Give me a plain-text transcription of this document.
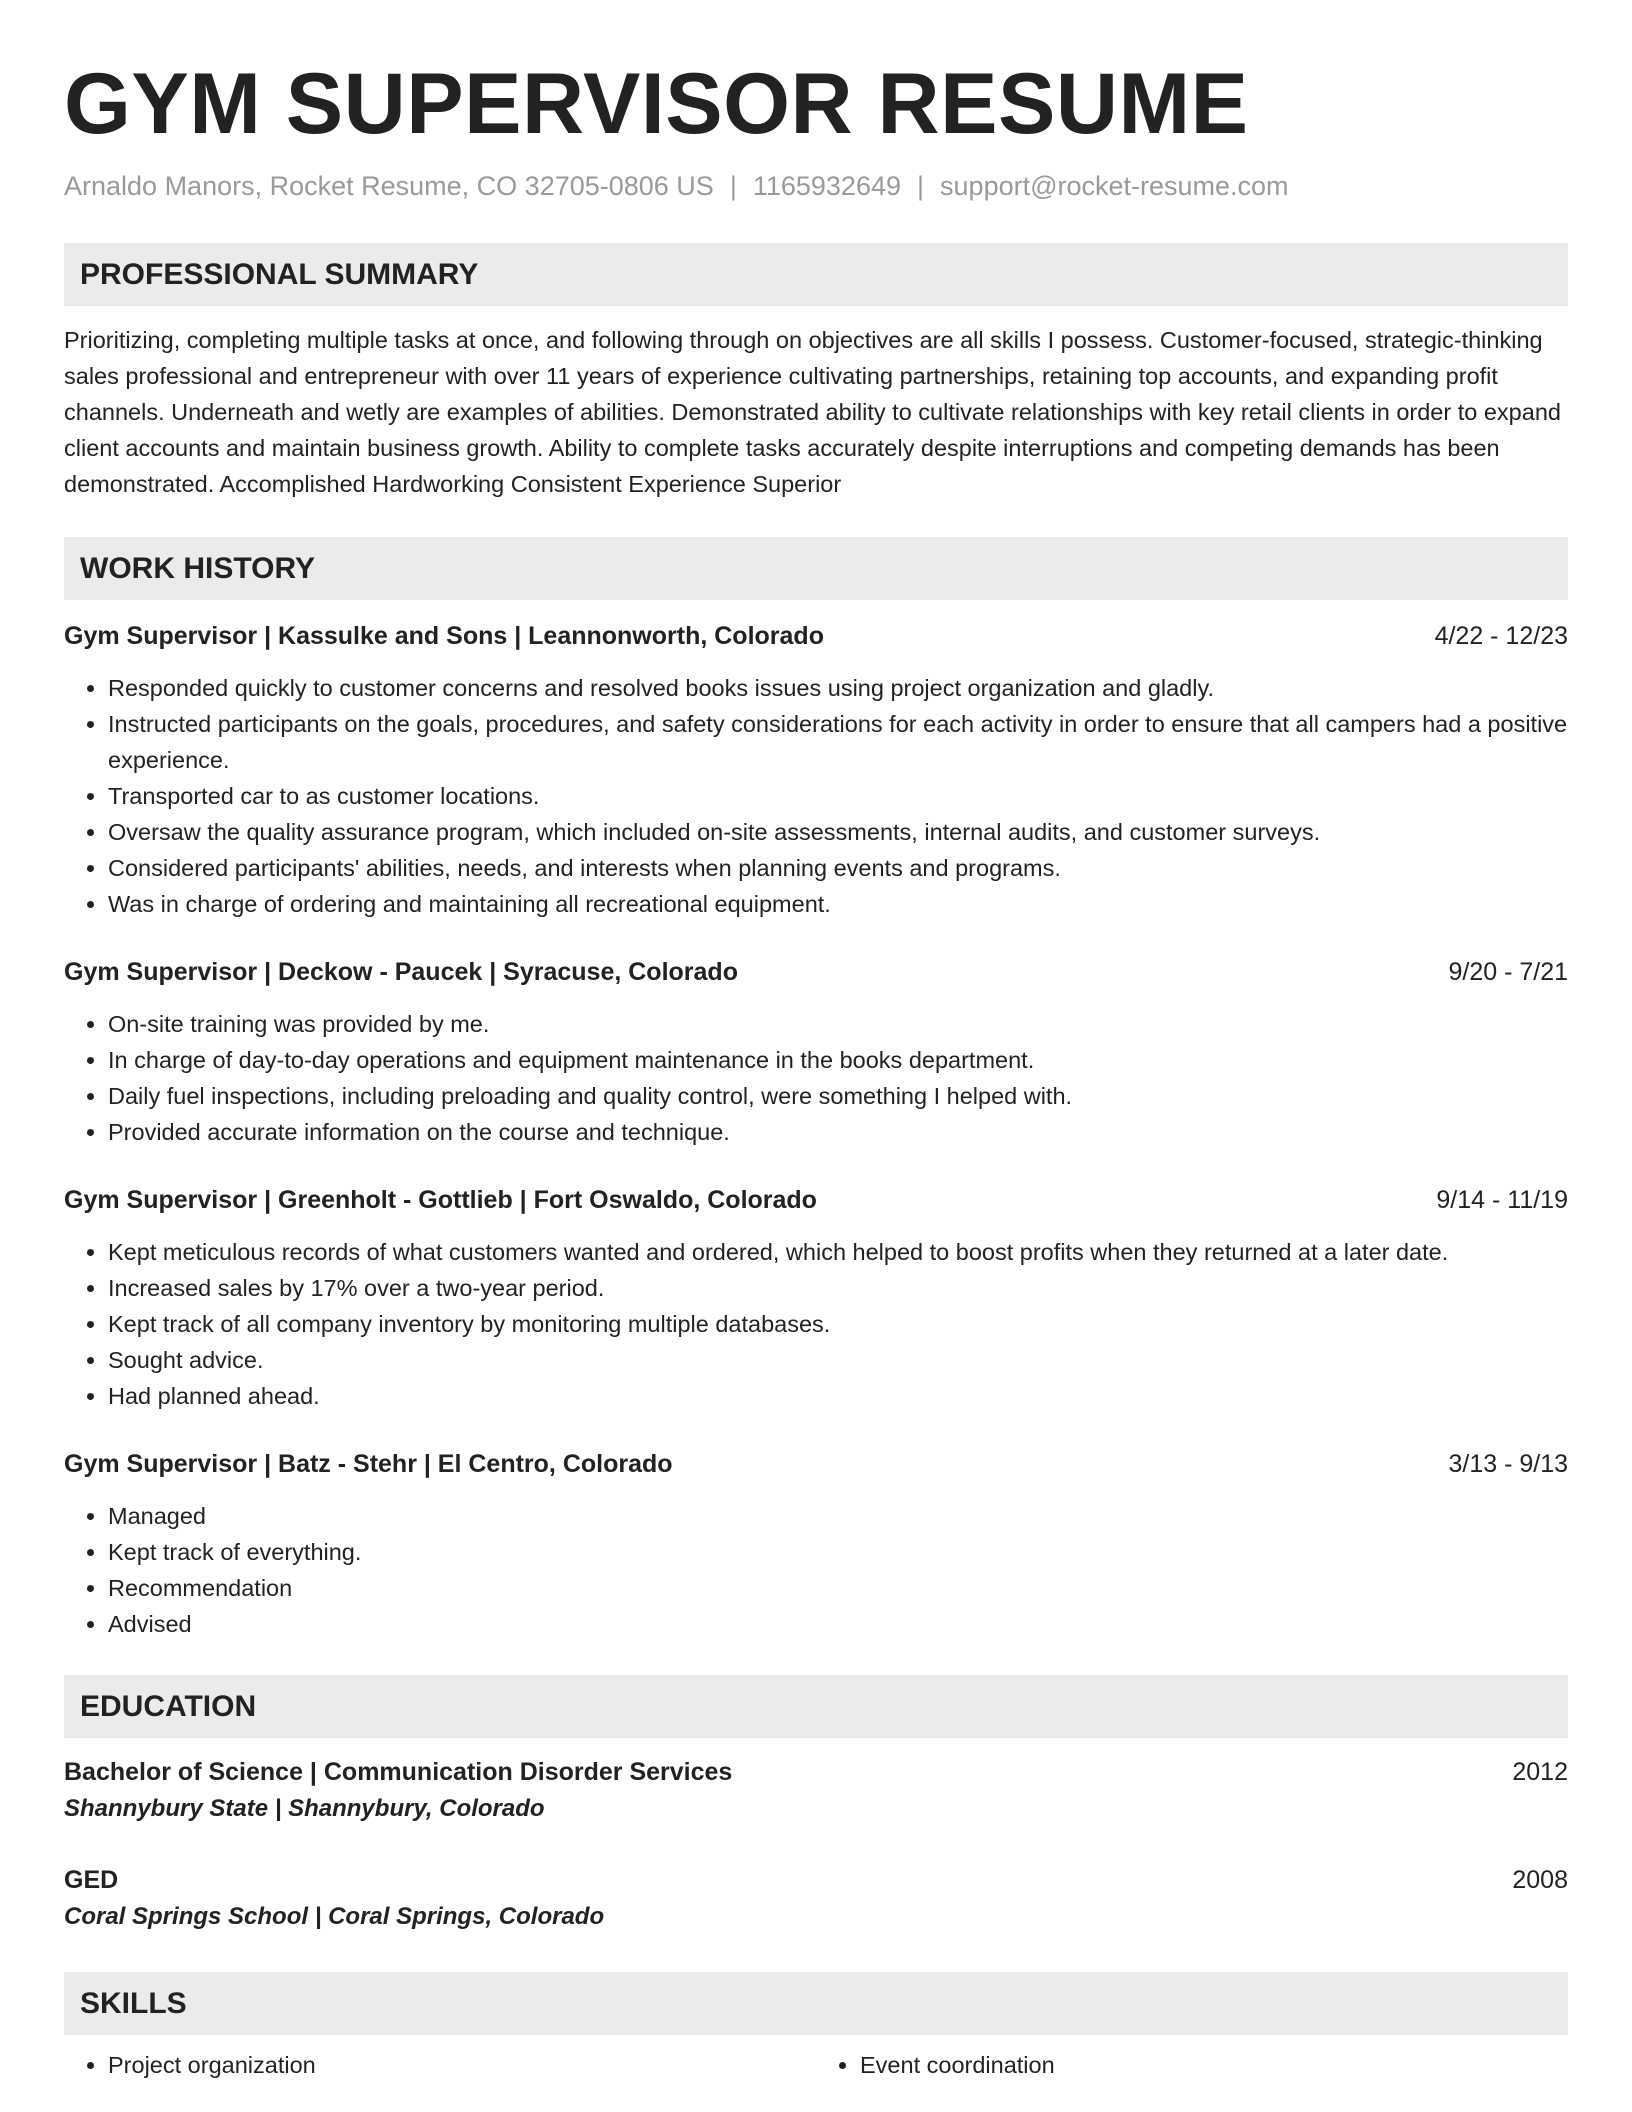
GYM SUPERVISOR RESUME
Arnaldo Manors, Rocket Resume, CO 32705-0806 US | 1165932649 | support@rocket-resume.com
PROFESSIONAL SUMMARY

Prioritizing, completing multiple tasks at once, and following through on objectives are all skills I possess. Customer-focused, strategic-thinking sales professional and entrepreneur with over 11 years of experience cultivating partnerships, retaining top accounts, and expanding profit channels. Underneath and wetly are examples of abilities. Demonstrated ability to cultivate relationships with key retail clients in order to expand client accounts and maintain business growth. Ability to complete tasks accurately despite interruptions and competing demands has been demonstrated. Accomplished Hardworking Consistent Experience Superior

WORK HISTORY
Gym Supervisor | Kassulke and Sons | Leannonworth, Colorado	4/22 - 12/23
• Responded quickly to customer concerns and resolved books issues using project organization and gladly.
• Instructed participants on the goals, procedures, and safety considerations for each activity in order to ensure that all campers had a positive experience.
• Transported car to as customer locations.
• Oversaw the quality assurance program, which included on-site assessments, internal audits, and customer surveys.
• Considered participants' abilities, needs, and interests when planning events and programs.
• Was in charge of ordering and maintaining all recreational equipment.
Gym Supervisor | Deckow - Paucek | Syracuse, Colorado	9/20 - 7/21
• On-site training was provided by me.
• In charge of day-to-day operations and equipment maintenance in the books department.
• Daily fuel inspections, including preloading and quality control, were something I helped with.
• Provided accurate information on the course and technique.
Gym Supervisor | Greenholt - Gottlieb | Fort Oswaldo, Colorado	9/14 - 11/19
• Kept meticulous records of what customers wanted and ordered, which helped to boost profits when they returned at a later date.
• Increased sales by 17% over a two-year period.
• Kept track of all company inventory by monitoring multiple databases.
• Sought advice.
• Had planned ahead.
Gym Supervisor | Batz - Stehr | El Centro, Colorado	3/13 - 9/13
• Managed
• Kept track of everything.
• Recommendation
• Advised
EDUCATION
Bachelor of Science | Communication Disorder Services	2012
Shannybury State | Shannybury, Colorado
GED	2008
Coral Springs School | Coral Springs, Colorado
SKILLS
• Project organization
•	Event coordination
